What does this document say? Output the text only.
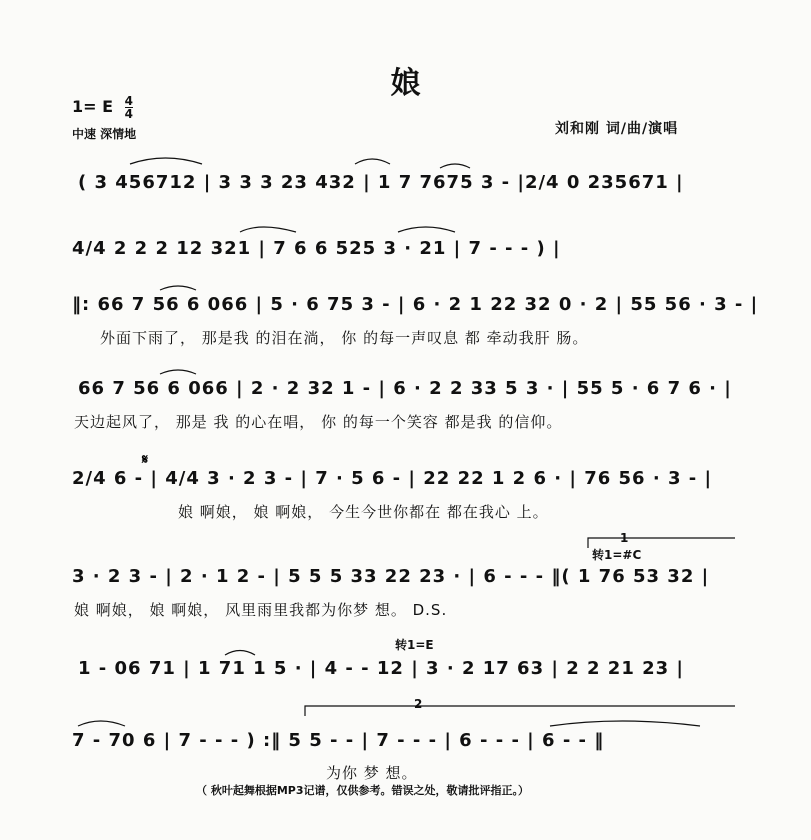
娘
1= E $\frac{4}{4}$
中速 深情地	刘和刚 词/曲/演唱
( 3 456712 | 3 3 3 23 432 | 1 7 7675 3 - |2/4 0 235671 |
4/4 2 2 2 12 321 | 7 6 6 525 3 · 21 | 7 - - - ) |
‖: 66 7 56 6 066 | 5 · 6 75 3 - | 6 · 2 1 22 32 0 · 2 | 55 56 · 3 - |
外面下雨了， 那是我 的泪在淌， 你 的每一声叹息 都 牵动我肝 肠。
66 7 56 6 066 | 2 · 2 32 1 - | 6 · 2 2 33 5 3 · | 55 5 · 6 7 6 · |
天边起风了， 那是 我 的心在唱， 你 的每一个笑容 都是我 的信仰。
2/4 6 - | 4/4 3 · 2 3 - | 7 · 5 6 - | 22 22 1 2 6 · | 76 56 · 3 - |
娘 啊娘， 娘 啊娘， 今生今世你都在 都在我心 上。
1
转1=#C
3 · 2 3 - | 2 · 1 2 - | 5 5 5 33 22 23 · | 6 - - - ‖( 1 76 53 32 |
娘 啊娘， 娘 啊娘， 风里雨里我都为你梦 想。 D.S.
转1=E
1 - 06 71 | 1 71 1 5 · | 4 - - 12 | 3 · 2 17 63 | 2 2 21 23 |
2
7 - 70 6 | 7 - - - ) :‖ 5 5 - - | 7 - - - | 6 - - - | 6 - - ‖
为你 梦 想。
（ 秋叶起舞根据MP3记谱，仅供参考。错误之处，敬请批评指正。）
𝄋
